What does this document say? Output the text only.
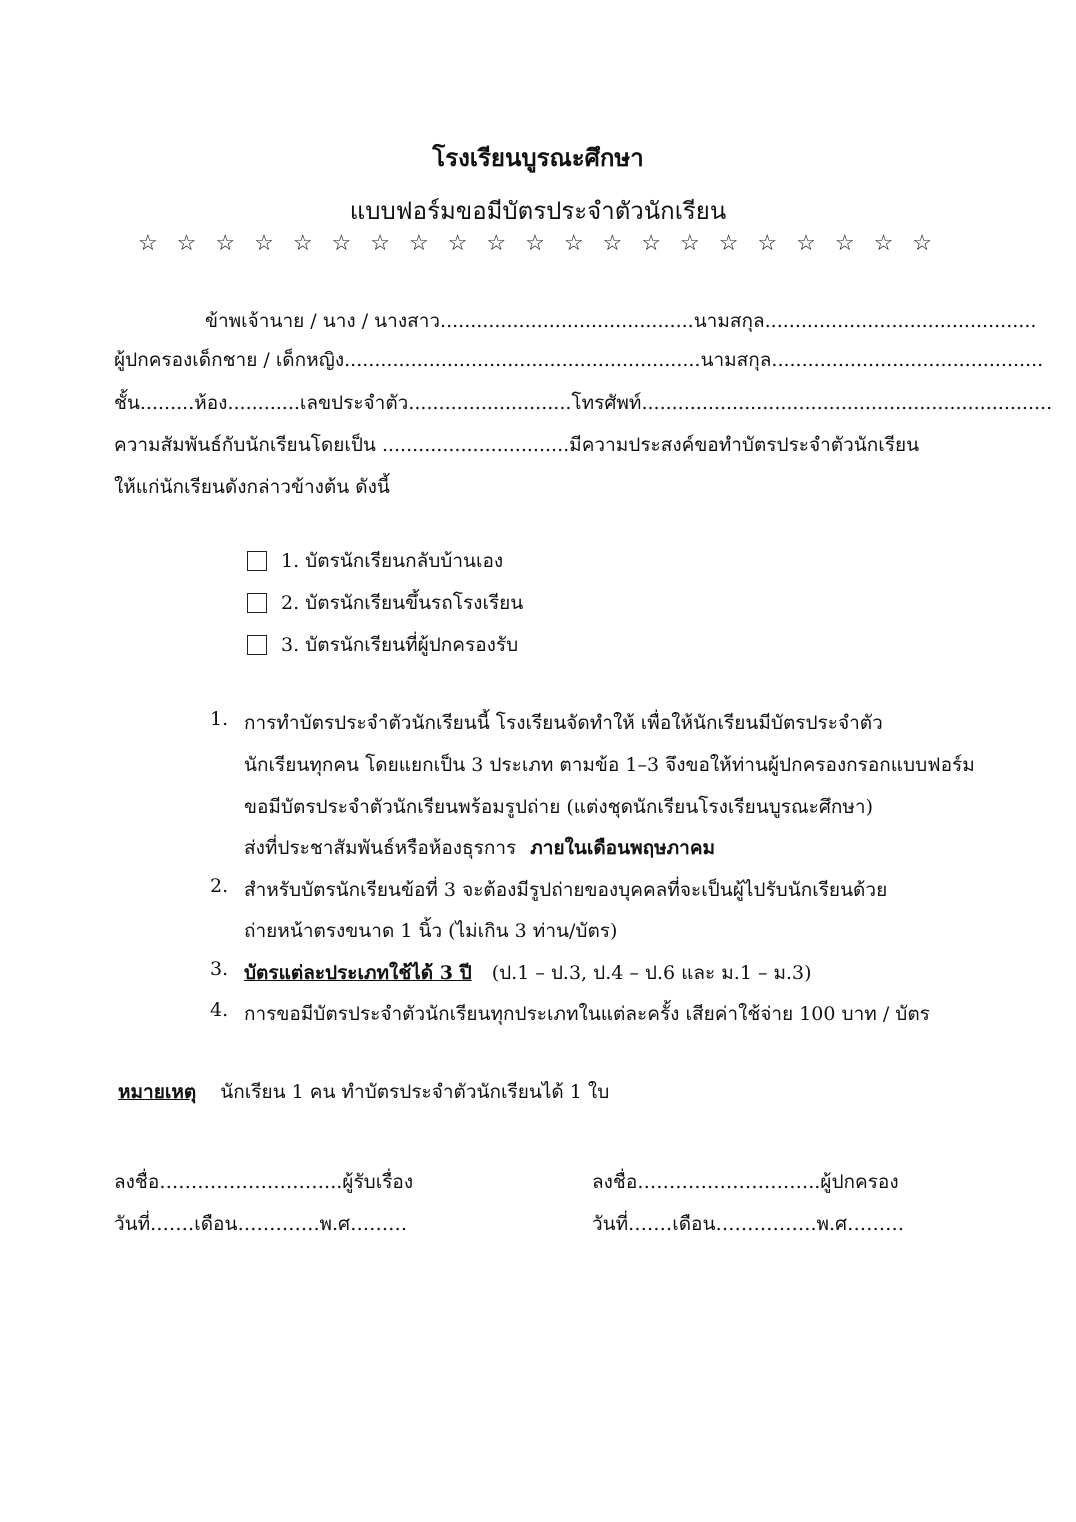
โรงเรียนบูรณะศึกษา
แบบฟอร์มขอมีบัตรประจำตัวนักเรียน
☆ ☆ ☆ ☆ ☆ ☆ ☆ ☆ ☆ ☆ ☆ ☆ ☆ ☆ ☆ ☆ ☆ ☆ ☆ ☆ ☆
ข้าพเจ้านาย / นาง / นางสาว..........................................นามสกุล.............................................
ผู้ปกครองเด็กชาย / เด็กหญิง...........................................................นามสกุล.............................................
ชั้น.........ห้อง............เลขประจำตัว...........................โทรศัพท์....................................................................
ความสัมพันธ์กับนักเรียนโดยเป็น ...............................มีความประสงค์ขอทำบัตรประจำตัวนักเรียน
ให้แก่นักเรียนดังกล่าวข้างต้น ดังนี้
1. บัตรนักเรียนกลับบ้านเอง
2. บัตรนักเรียนขึ้นรถโรงเรียน
3. บัตรนักเรียนที่ผู้ปกครองรับ
1. การทำบัตรประจำตัวนักเรียนนี้ โรงเรียนจัดทำให้ เพื่อให้นักเรียนมีบัตรประจำตัว
นักเรียนทุกคน โดยแยกเป็น 3 ประเภท ตามข้อ 1–3 จึงขอให้ท่านผู้ปกครองกรอกแบบฟอร์ม
ขอมีบัตรประจำตัวนักเรียนพร้อมรูปถ่าย (แต่งชุดนักเรียนโรงเรียนบูรณะศึกษา)
ส่งที่ประชาสัมพันธ์หรือห้องธุรการ ภายในเดือนพฤษภาคม
2. สำหรับบัตรนักเรียนข้อที่ 3 จะต้องมีรูปถ่ายของบุคคลที่จะเป็นผู้ไปรับนักเรียนด้วย
ถ่ายหน้าตรงขนาด 1 นิ้ว (ไม่เกิน 3 ท่าน/บัตร)
3. บัตรแต่ละประเภทใช้ได้ 3 ปี (ป.1 – ป.3, ป.4 – ป.6 และ ม.1 – ม.3)
4. การขอมีบัตรประจำตัวนักเรียนทุกประเภทในแต่ละครั้ง เสียค่าใช้จ่าย 100 บาท / บัตร
หมายเหตุ นักเรียน 1 คน ทำบัตรประจำตัวนักเรียนได้ 1 ใบ
ลงชื่อ………………………..ผู้รับเรื่อง
วันที่.……เดือน………….พ.ศ………
ลงชื่อ………………………..ผู้ปกครอง
วันที่.……เดือน…………….พ.ศ………
